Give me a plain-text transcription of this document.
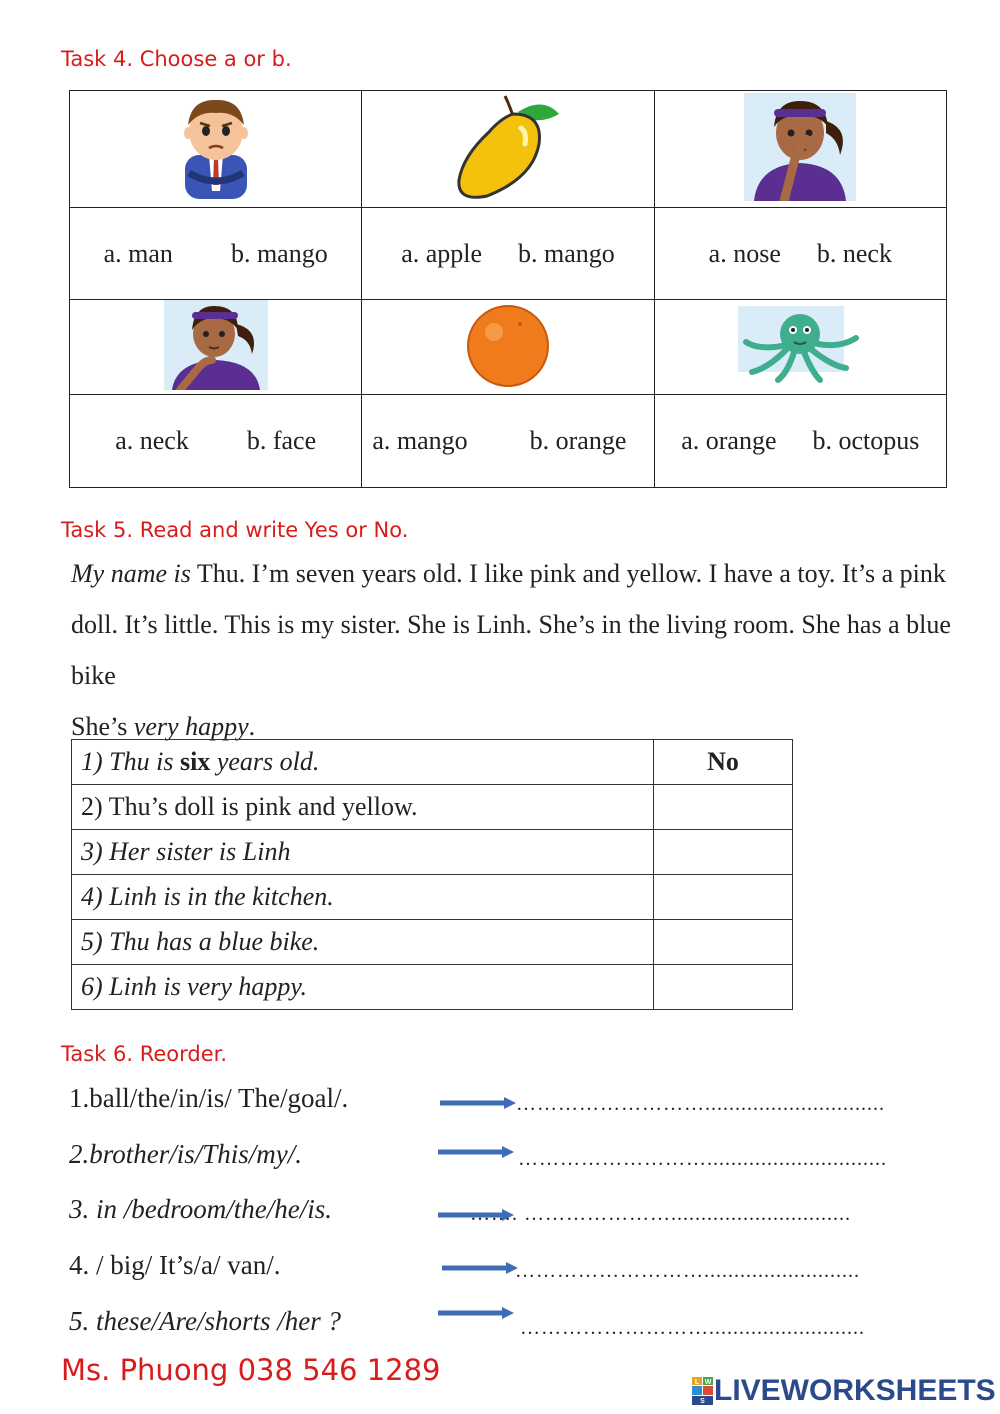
Task 4. Choose a or b.

a. man b. mango	a. apple b. mango	a. nose b. neck

a. neck b. face	a. mango b. orange	a. orange b. octopus
Task 5. Read and write Yes or No.
My name is Thu. I’m seven years old. I like pink and yellow. I have a toy. It’s a pink
doll. It’s little. This is my sister. She is Linh. She’s in the living room. She has a blue bike
She’s very happy.
1) Thu is six years old.	No
2) Thu’s doll is pink and yellow.	
3) Her sister is Linh	
4) Linh is in the kitchen.	
5) Thu has a blue bike.	
6) Linh is very happy.	
Task 6. Reorder.
1.ball/the/in/is/ The/goal/.	………………………..............................
2.brother/is/This/my/.	………………………..............................
3. in /bedroom/the/he/is.	……. …………………..............................
4. / big/ It’s/a/ van/.	………………………..........................
5. these/Are/shorts /her ?	………………………..........................
Ms. Phuong 038 546 1289	L W
S LIVEWORKSHEETS
